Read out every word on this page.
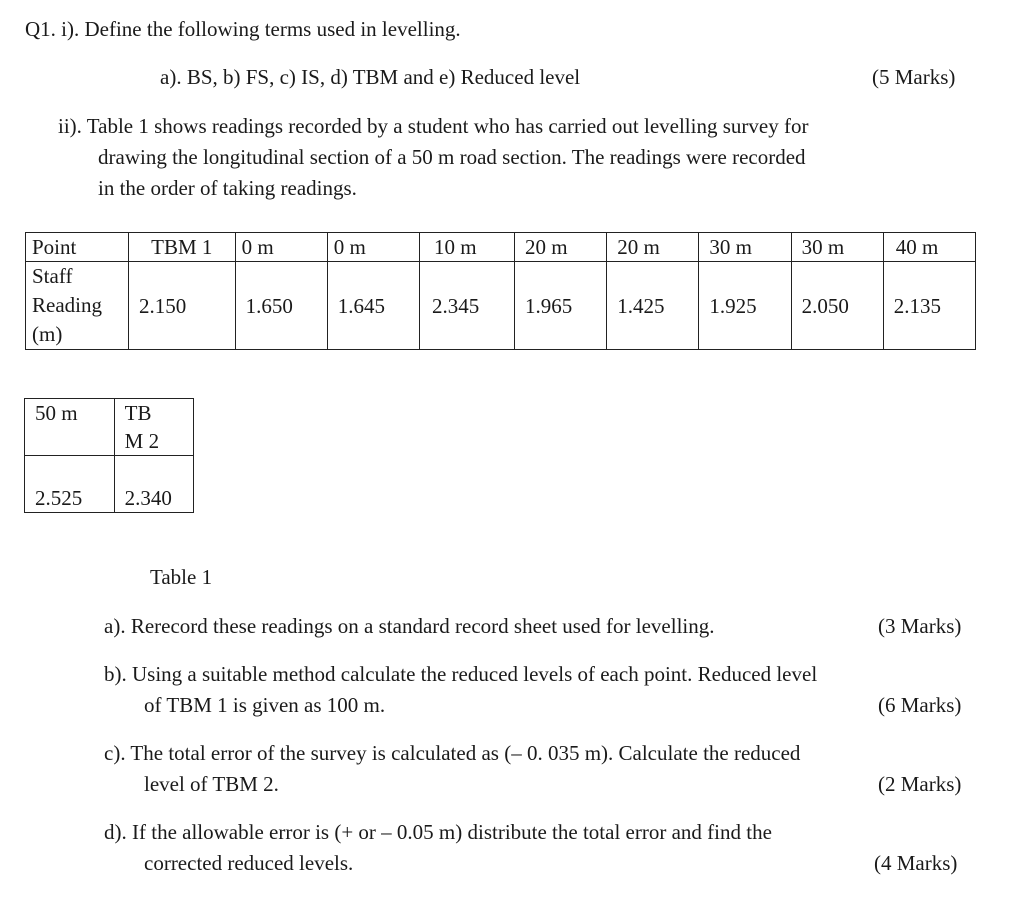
Q1. i). Define the following terms used in levelling.
a). BS, b) FS, c) IS, d) TBM and e) Reduced level	(5 Marks)
ii). Table 1 shows readings recorded by a student who has carried out levelling survey for
drawing the longitudinal section of a 50 m road section. The readings were recorded
in the order of taking readings.
Point	TBM 1	0 m	0 m	10 m	20 m	20 m	30 m	30 m	40 m

Staff
Reading
(m)	2.150	1.650	1.645	2.345	1.965	1.425	1.925	2.050	2.135
50 m	TBM 2
2.525	2.340
Table 1
a). Rerecord these readings on a standard record sheet used for levelling.	(3 Marks)
b). Using a suitable method calculate the reduced levels of each point. Reduced level
of TBM 1 is given as 100 m.	(6 Marks)
c). The total error of the survey is calculated as (– 0. 035 m). Calculate the reduced
level of TBM 2.	(2 Marks)
d). If the allowable error is (+ or – 0.05 m) distribute the total error and find the
corrected reduced levels.	(4 Marks)
